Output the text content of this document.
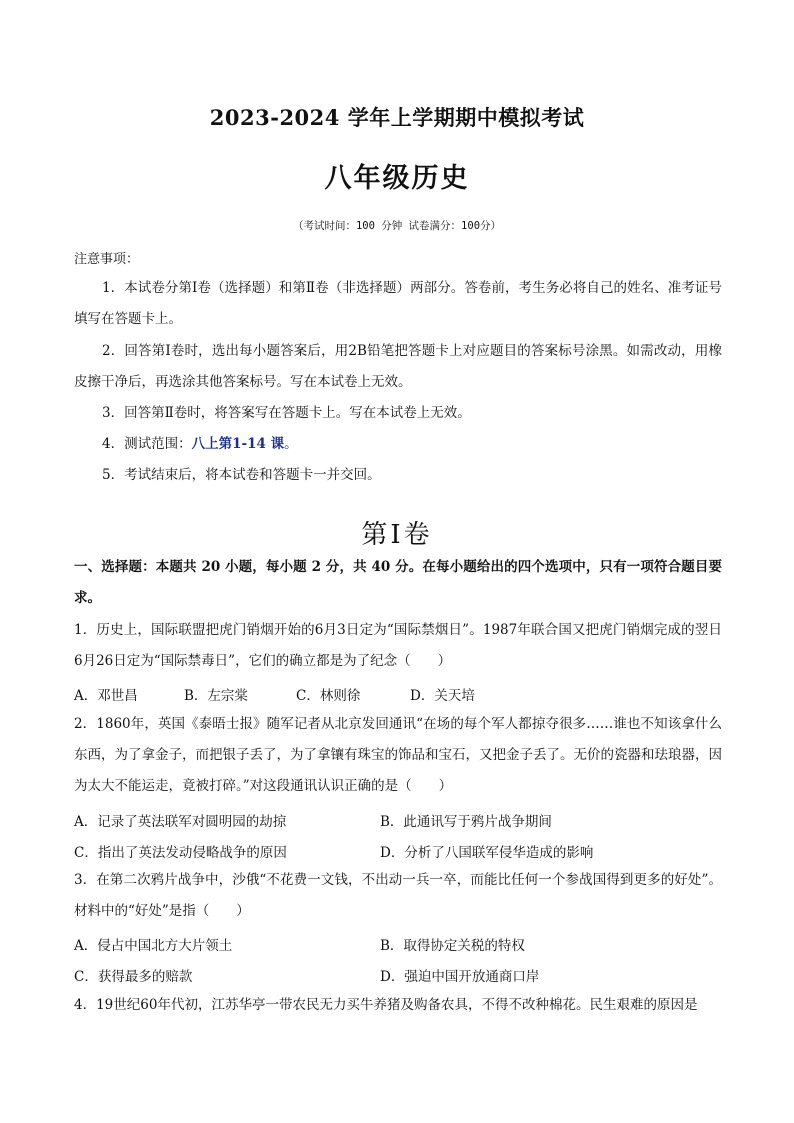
2023-2024 学年上学期期中模拟考试
八年级历史
（考试时间：100 分钟 试卷满分：100分）
注意事项：
1．本试卷分第Ⅰ卷（选择题）和第Ⅱ卷（非选择题）两部分。答卷前，考生务必将自己的姓名、准考证号填写在答题卡上。
2．回答第Ⅰ卷时，选出每小题答案后，用2B铅笔把答题卡上对应题目的答案标号涂黑。如需改动，用橡皮擦干净后，再选涂其他答案标号。写在本试卷上无效。
3．回答第Ⅱ卷时，将答案写在答题卡上。写在本试卷上无效。
4．测试范围：八上第1-14 课。
5．考试结束后，将本试卷和答题卡一并交回。
第Ⅰ卷
一、选择题：本题共 20 小题，每小题 2 分，共 40 分。在每小题给出的四个选项中，只有一项符合题目要求。
1．历史上，国际联盟把虎门销烟开始的6月3日定为“国际禁烟日”。1987年联合国又把虎门销烟完成的翌日6月26日定为“国际禁毒日”，它们的确立都是为了纪念（　　）
A．邓世昌	B．左宗棠	C．林则徐	D．关天培
2．1860年，英国《泰晤士报》随军记者从北京发回通讯“在场的每个军人都掠夺很多……谁也不知该拿什么东西，为了拿金子，而把银子丢了，为了拿镶有珠宝的饰品和宝石，又把金子丢了。无价的瓷器和珐琅器，因为太大不能运走，竟被打碎。”对这段通讯认识正确的是（　　）
A．记录了英法联军对圆明园的劫掠	B．此通讯写于鸦片战争期间
C．指出了英法发动侵略战争的原因	D．分析了八国联军侵华造成的影响
3．在第二次鸦片战争中，沙俄“不花费一文钱，不出动一兵一卒，而能比任何一个参战国得到更多的好处”。材料中的“好处”是指（　　）
A．侵占中国北方大片领土	B．取得协定关税的特权
C．获得最多的赔款	D．强迫中国开放通商口岸
4．19世纪60年代初，江苏华亭一带农民无力买牛养猪及购备农具，不得不改种棉花。民生艰难的原因是
